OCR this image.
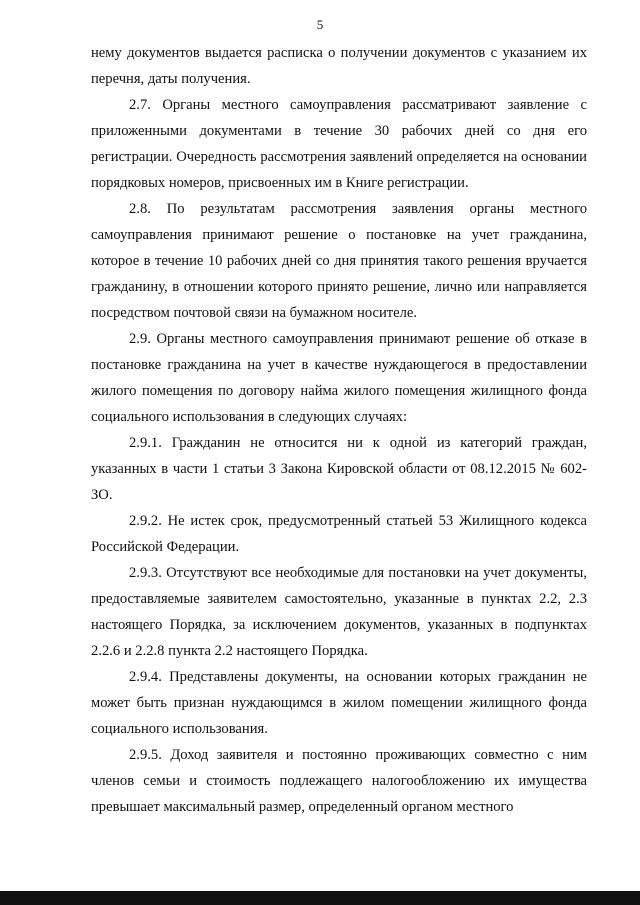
5

нему документов выдается расписка о получении документов с указанием их перечня, даты получения.

2.7. Органы местного самоуправления рассматривают заявление с приложенными документами в течение 30 рабочих дней со дня его регистрации. Очередность рассмотрения заявлений определяется на основании порядковых номеров, присвоенных им в Книге регистрации.

2.8. По результатам рассмотрения заявления органы местного самоуправления принимают решение о постановке на учет гражданина, которое в течение 10 рабочих дней со дня принятия такого решения вручается гражданину, в отношении которого принято решение, лично или направляется посредством почтовой связи на бумажном носителе.

2.9. Органы местного самоуправления принимают решение об отказе в постановке гражданина на учет в качестве нуждающегося в предоставлении жилого помещения по договору найма жилого помещения жилищного фонда социального использования в следующих случаях:

2.9.1. Гражданин не относится ни к одной из категорий граждан, указанных в части 1 статьи 3 Закона Кировской области от 08.12.2015 № 602-ЗО.

2.9.2. Не истек срок, предусмотренный статьей 53 Жилищного кодекса Российской Федерации.

2.9.3. Отсутствуют все необходимые для постановки на учет документы, предоставляемые заявителем самостоятельно, указанные в пунктах 2.2, 2.3 настоящего Порядка, за исключением документов, указанных в подпунктах 2.2.6 и 2.2.8 пункта 2.2 настоящего Порядка.

2.9.4. Представлены документы, на основании которых гражданин не может быть признан нуждающимся в жилом помещении жилищного фонда социального использования.

2.9.5. Доход заявителя и постоянно проживающих совместно с ним членов семьи и стоимость подлежащего налогообложению их имущества превышает максимальный размер, определенный органом местного
